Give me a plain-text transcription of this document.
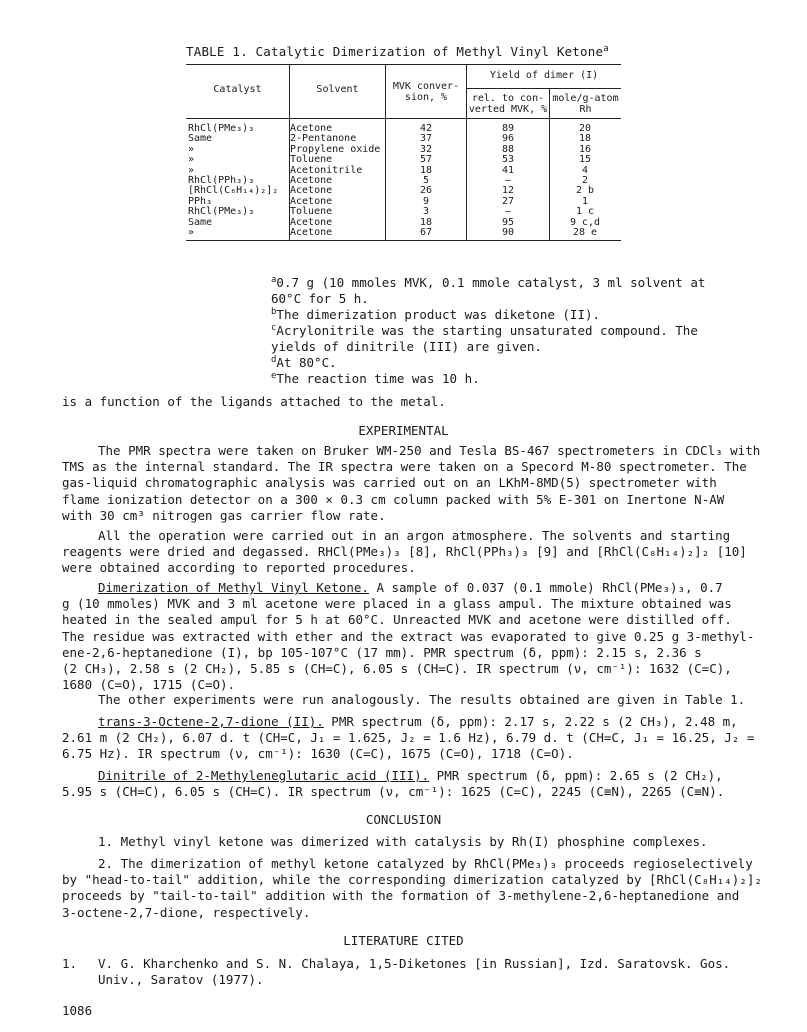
TABLE 1. Catalytic Dimerization of Methyl Vinyl Ketone$^a$
Catalyst	Solvent	MVK conver-
sion, %
Yield of dimer (I)
rel. to con-
verted MVK, %
mole/g-atom
Rh
RhCl(PMe₃)₃	Acetone	42	89	20
Same	2-Pentanone	37	96	18
»	Propylene oxide	32	88	16
»	Toluene	57	53	15
»	Acetonitrile	18	41	4
RhCl(PPh₃)₃	Acetone	5	–	2
[RhCl(C₈H₁₄)₂]₂	Acetone	26	12	2 b
PPh₃	Acetone	9	27	1
RhCl(PMe₃)₃	Toluene	3	–	1 c
Same	Acetone	18	95	9 c,d
»	Acetone	67	90	28 e
$^a$0.7 g (10 mmoles MVK, 0.1 mmole catalyst, 3 ml solvent at
60°C for 5 h.
$^b$The dimerization product was diketone (II).
$^c$Acrylonitrile was the starting unsaturated compound. The
yields of dinitrile (III) are given.
$^d$At 80°C.
$^e$The reaction time was 10 h.
is a function of the ligands attached to the metal.
EXPERIMENTAL
The PMR spectra were taken on Bruker WM-250 and Tesla BS-467 spectrometers in CDCl₃ with
TMS as the internal standard. The IR spectra were taken on a Specord M-80 spectrometer. The
gas-liquid chromatographic analysis was carried out on an LKhM-8MD(5) spectrometer with
flame ionization detector on a 300 × 0.3 cm column packed with 5% E-301 on Inertone N-AW
with 30 cm³ nitrogen gas carrier flow rate.
All the operation were carried out in an argon atmosphere. The solvents and starting
reagents were dried and degassed. RHCl(PMe₃)₃ [8], RhCl(PPh₃)₃ [9] and [RhCl(C₈H₁₄)₂]₂ [10]
were obtained according to reported procedures.
Dimerization of Methyl Vinyl Ketone. A sample of 0.037 (0.1 mmole) RhCl(PMe₃)₃, 0.7
g (10 mmoles) MVK and 3 ml acetone were placed in a glass ampul. The mixture obtained was
heated in the sealed ampul for 5 h at 60°C. Unreacted MVK and acetone were distilled off.
The residue was extracted with ether and the extract was evaporated to give 0.25 g 3-methyl-
ene-2,6-heptanedione (I), bp 105-107°C (17 mm). PMR spectrum (δ, ppm): 2.15 s, 2.36 s
(2 CH₃), 2.58 s (2 CH₂), 5.85 s (CH=C), 6.05 s (CH=C). IR spectrum (ν, cm⁻¹): 1632 (C=C),
1680 (C=O), 1715 (C=O).
The other experiments were run analogously. The results obtained are given in Table 1.
trans-3-Octene-2,7-dione (II). PMR spectrum (δ, ppm): 2.17 s, 2.22 s (2 CH₃), 2.48 m,
2.61 m (2 CH₂), 6.07 d. t (CH=C, J₁ = 1.625, J₂ = 1.6 Hz), 6.79 d. t (CH=C, J₁ = 16.25, J₂ =
6.75 Hz). IR spectrum (ν, cm⁻¹): 1630 (C=C), 1675 (C=O), 1718 (C=O).
Dinitrile of 2-Methyleneglutaric acid (III). PMR spectrum (δ, ppm): 2.65 s (2 CH₂),
5.95 s (CH=C), 6.05 s (CH=C). IR spectrum (ν, cm⁻¹): 1625 (C=C), 2245 (C≡N), 2265 (C≡N).
CONCLUSION
1. Methyl vinyl ketone was dimerized with catalysis by Rh(I) phosphine complexes.
2. The dimerization of methyl ketone catalyzed by RhCl(PMe₃)₃ proceeds regioselectively
by "head-to-tail" addition, while the corresponding dimerization catalyzed by [RhCl(C₈H₁₄)₂]₂
proceeds by "tail-to-tail" addition with the formation of 3-methylene-2,6-heptanedione and
3-octene-2,7-dione, respectively.
LITERATURE CITED
1. V. G. Kharchenko and S. N. Chalaya, 1,5-Diketones [in Russian], Izd. Saratovsk. Gos.
Univ., Saratov (1977).
1086
